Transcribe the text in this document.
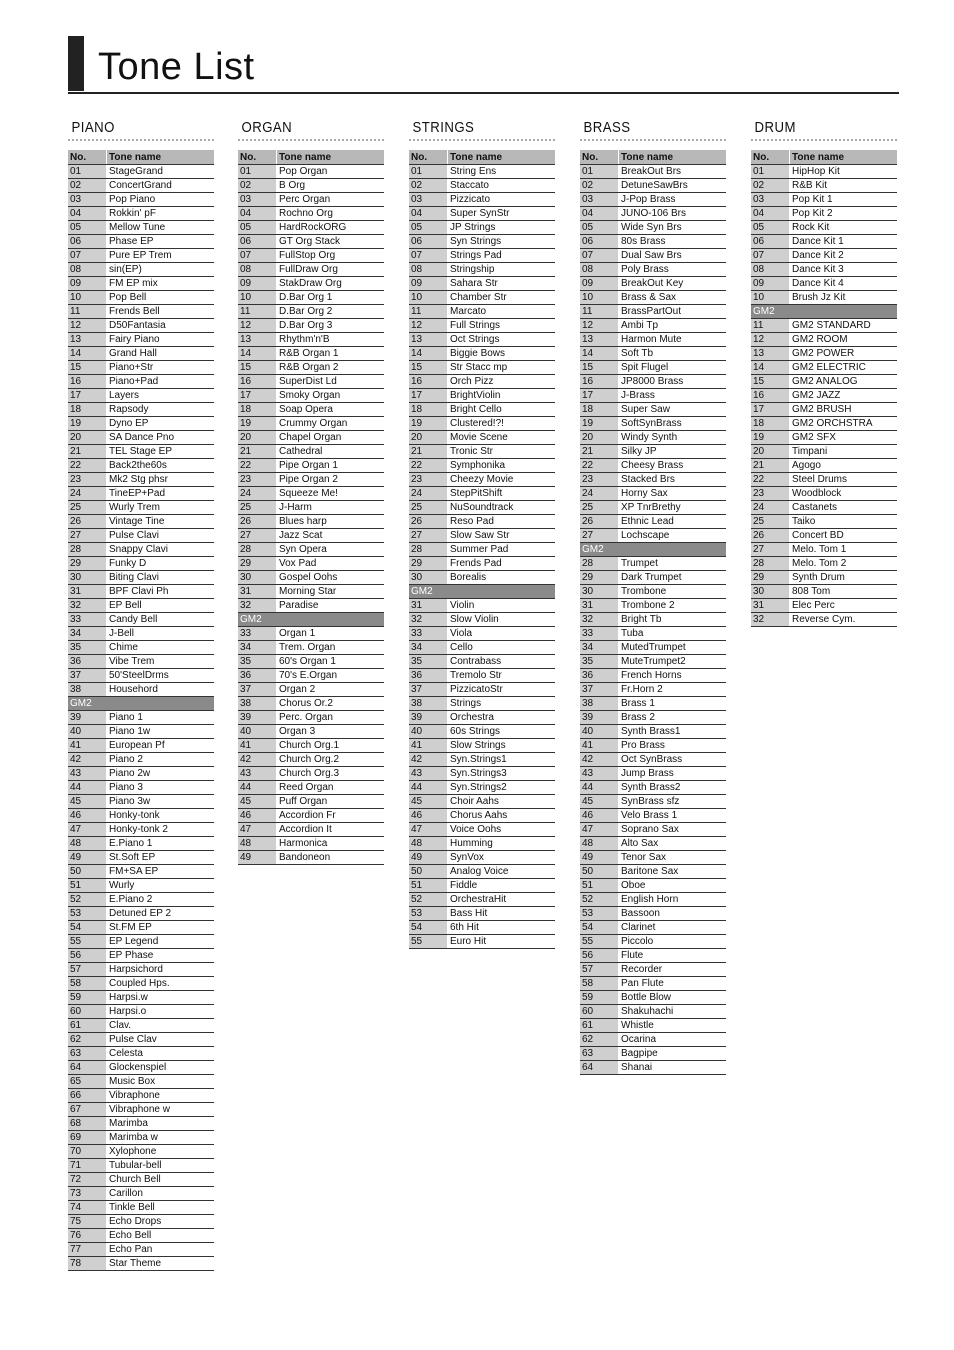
Tone List
PIANO
No.	Tone name
01	StageGrand
02	ConcertGrand
03	Pop Piano
04	Rokkin' pF
05	Mellow Tune
06	Phase EP
07	Pure EP Trem
08	sin(EP)
09	FM EP mix
10	Pop Bell
11	Frends Bell
12	D50Fantasia
13	Fairy Piano
14	Grand Hall
15	Piano+Str
16	Piano+Pad
17	Layers
18	Rapsody
19	Dyno EP
20	SA Dance Pno
21	TEL Stage EP
22	Back2the60s
23	Mk2 Stg phsr
24	TineEP+Pad
25	Wurly Trem
26	Vintage Tine
27	Pulse Clavi
28	Snappy Clavi
29	Funky D
30	Biting Clavi
31	BPF Clavi Ph
32	EP Bell
33	Candy Bell
34	J-Bell
35	Chime
36	Vibe Trem
37	50'SteelDrms
38	Househord
GM2	
39	Piano 1
40	Piano 1w
41	European Pf
42	Piano 2
43	Piano 2w
44	Piano 3
45	Piano 3w
46	Honky-tonk
47	Honky-tonk 2
48	E.Piano 1
49	St.Soft EP
50	FM+SA EP
51	Wurly
52	E.Piano 2
53	Detuned EP 2
54	St.FM EP
55	EP Legend
56	EP Phase
57	Harpsichord
58	Coupled Hps.
59	Harpsi.w
60	Harpsi.o
61	Clav.
62	Pulse Clav
63	Celesta
64	Glockenspiel
65	Music Box
66	Vibraphone
67	Vibraphone w
68	Marimba
69	Marimba w
70	Xylophone
71	Tubular-bell
72	Church Bell
73	Carillon
74	Tinkle Bell
75	Echo Drops
76	Echo Bell
77	Echo Pan
78	Star Theme
ORGAN
No.	Tone name
01	Pop Organ
02	B Org
03	Perc Organ
04	Rochno Org
05	HardRockORG
06	GT Org Stack
07	FullStop Org
08	FullDraw Org
09	StakDraw Org
10	D.Bar Org 1
11	D.Bar Org 2
12	D.Bar Org 3
13	Rhythm'n'B
14	R&B Organ 1
15	R&B Organ 2
16	SuperDist Ld
17	Smoky Organ
18	Soap Opera
19	Crummy Organ
20	Chapel Organ
21	Cathedral
22	Pipe Organ 1
23	Pipe Organ 2
24	Squeeze Me!
25	J-Harm
26	Blues harp
27	Jazz Scat
28	Syn Opera
29	Vox Pad
30	Gospel Oohs
31	Morning Star
32	Paradise
GM2	
33	Organ 1
34	Trem. Organ
35	60's Organ 1
36	70's E.Organ
37	Organ 2
38	Chorus Or.2
39	Perc. Organ
40	Organ 3
41	Church Org.1
42	Church Org.2
43	Church Org.3
44	Reed Organ
45	Puff Organ
46	Accordion Fr
47	Accordion It
48	Harmonica
49	Bandoneon
STRINGS
No.	Tone name
01	String Ens
02	Staccato
03	Pizzicato
04	Super SynStr
05	JP Strings
06	Syn Strings
07	Strings Pad
08	Stringship
09	Sahara Str
10	Chamber Str
11	Marcato
12	Full Strings
13	Oct Strings
14	Biggie Bows
15	Str Stacc mp
16	Orch Pizz
17	BrightViolin
18	Bright Cello
19	Clustered!?!
20	Movie Scene
21	Tronic Str
22	Symphonika
23	Cheezy Movie
24	StepPitShift
25	NuSoundtrack
26	Reso Pad
27	Slow Saw Str
28	Summer Pad
29	Frends Pad
30	Borealis
GM2	
31	Violin
32	Slow Violin
33	Viola
34	Cello
35	Contrabass
36	Tremolo Str
37	PizzicatoStr
38	Strings
39	Orchestra
40	60s Strings
41	Slow Strings
42	Syn.Strings1
43	Syn.Strings3
44	Syn.Strings2
45	Choir Aahs
46	Chorus Aahs
47	Voice Oohs
48	Humming
49	SynVox
50	Analog Voice
51	Fiddle
52	OrchestraHit
53	Bass Hit
54	6th Hit
55	Euro Hit
BRASS
No.	Tone name
01	BreakOut Brs
02	DetuneSawBrs
03	J-Pop Brass
04	JUNO-106 Brs
05	Wide Syn Brs
06	80s Brass
07	Dual Saw Brs
08	Poly Brass
09	BreakOut Key
10	Brass & Sax
11	BrassPartOut
12	Ambi Tp
13	Harmon Mute
14	Soft Tb
15	Spit Flugel
16	JP8000 Brass
17	J-Brass
18	Super Saw
19	SoftSynBrass
20	Windy Synth
21	Silky JP
22	Cheesy Brass
23	Stacked Brs
24	Horny Sax
25	XP TnrBrethy
26	Ethnic Lead
27	Lochscape
GM2	
28	Trumpet
29	Dark Trumpet
30	Trombone
31	Trombone 2
32	Bright Tb
33	Tuba
34	MutedTrumpet
35	MuteTrumpet2
36	French Horns
37	Fr.Horn 2
38	Brass 1
39	Brass 2
40	Synth Brass1
41	Pro Brass
42	Oct SynBrass
43	Jump Brass
44	Synth Brass2
45	SynBrass sfz
46	Velo Brass 1
47	Soprano Sax
48	Alto Sax
49	Tenor Sax
50	Baritone Sax
51	Oboe
52	English Horn
53	Bassoon
54	Clarinet
55	Piccolo
56	Flute
57	Recorder
58	Pan Flute
59	Bottle Blow
60	Shakuhachi
61	Whistle
62	Ocarina
63	Bagpipe
64	Shanai
DRUM
No.	Tone name
01	HipHop Kit
02	R&B Kit
03	Pop Kit 1
04	Pop Kit 2
05	Rock Kit
06	Dance Kit 1
07	Dance Kit 2
08	Dance Kit 3
09	Dance Kit 4
10	Brush Jz Kit
GM2	
11	GM2 STANDARD
12	GM2 ROOM
13	GM2 POWER
14	GM2 ELECTRIC
15	GM2 ANALOG
16	GM2 JAZZ
17	GM2 BRUSH
18	GM2 ORCHSTRA
19	GM2 SFX
20	Timpani
21	Agogo
22	Steel Drums
23	Woodblock
24	Castanets
25	Taiko
26	Concert BD
27	Melo. Tom 1
28	Melo. Tom 2
29	Synth Drum
30	808 Tom
31	Elec Perc
32	Reverse Cym.
